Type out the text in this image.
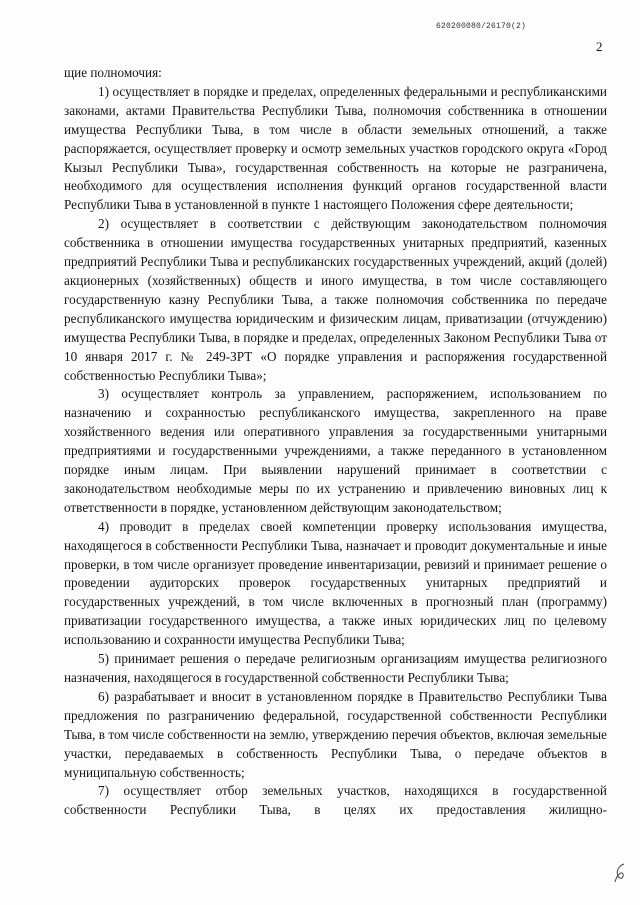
620200080/26170(2)
2

щие полномочия:

1) осуществляет в порядке и пределах, определенных федеральными и республиканскими законами, актами Правительства Республики Тыва, полномочия собственника в отношении имущества Республики Тыва, в том числе в области земельных отношений, а также распоряжается, осуществляет проверку и осмотр земельных участков городского округа «Город Кызыл Республики Тыва», государственная собственность на которые не разграничена, необходимого для осуществления исполнения функций органов государственной власти Республики Тыва в установленной в пункте 1 настоящего Положения сфере деятельности;

2) осуществляет в соответствии с действующим законодательством полномочия собственника в отношении имущества государственных унитарных предприятий, казенных предприятий Республики Тыва и республиканских государственных учреждений, акций (долей) акционерных (хозяйственных) обществ и иного имущества, в том числе составляющего государственную казну Республики Тыва, а также полномочия собственника по передаче республиканского имущества юридическим и физическим лицам, приватизации (отчуждению) имущества Республики Тыва, в порядке и пределах, определенных Законом Республики Тыва от 10 января 2017 г. № 249-ЗРТ «О порядке управления и распоряжения государственной собственностью Республики Тыва»;

3) осуществляет контроль за управлением, распоряжением, использованием по назначению и сохранностью республиканского имущества, закрепленного на праве хозяйственного ведения или оперативного управления за государственными унитарными предприятиями и государственными учреждениями, а также переданного в установленном порядке иным лицам. При выявлении нарушений принимает в соответствии с законодательством необходимые меры по их устранению и привлечению виновных лиц к ответственности в порядке, установленном действующим законодательством;

4) проводит в пределах своей компетенции проверку использования имущества, находящегося в собственности Республики Тыва, назначает и проводит документальные и иные проверки, в том числе организует проведение инвентаризации, ревизий и принимает решение о проведении аудиторских проверок государственных унитарных предприятий и государственных учреждений, в том числе включенных в прогнозный план (программу) приватизации государственного имущества, а также иных юридических лиц по целевому использованию и сохранности имущества Республики Тыва;

5) принимает решения о передаче религиозным организациям имущества религиозного назначения, находящегося в государственной собственности Республики Тыва;

6) разрабатывает и вносит в установленном порядке в Правительство Республики Тыва предложения по разграничению федеральной, государственной собственности Республики Тыва, в том числе собственности на землю, утверждению перечия объектов, включая земельные участки, передаваемых в собственность Республики Тыва, о передаче объектов в муниципальную собственность;

7) осуществляет отбор земельных участков, находящихся в государственной собственности Республики Тыва, в целях их предоставления жилищно-
